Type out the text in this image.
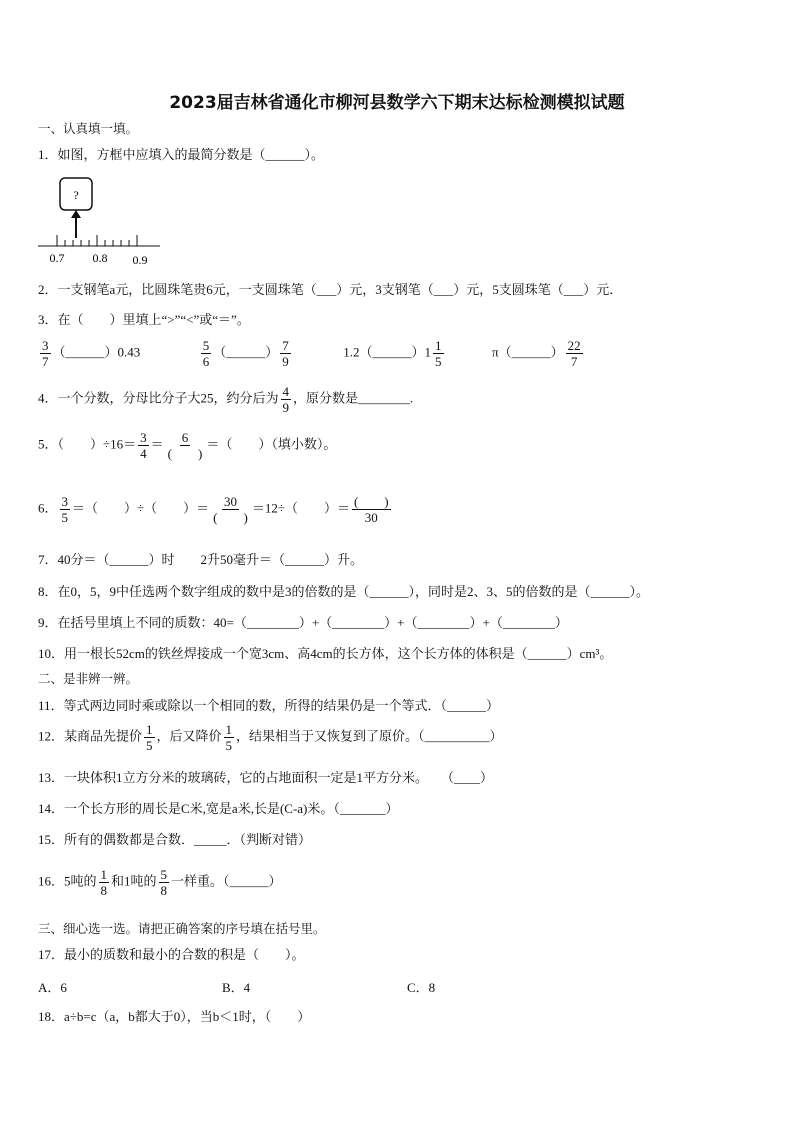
2023届吉林省通化市柳河县数学六下期末达标检测模拟试题
一、认真填一填。
1．如图，方框中应填入的最简分数是（______）。
?
0.7 0.8 0.9
2．一支钢笔a元，比圆珠笔贵6元，一支圆珠笔（___）元，3支钢笔（___）元，5支圆珠笔（___）元．
3．在（　　）里填上“>”“<”或“＝”。
$\frac{3}{7}$ （______）0.43	$\frac{5}{6}$ （______） $\frac{7}{9}$	1.2（______）1 $\frac{1}{5}$	π（______） $\frac{22}{7}$
4．一个分数，分母比分子大25，约分后为 $\frac{4}{9}$ ，原分数是________.
5．（　　）$\div 16= \frac{3}{4} = \frac{6}{( )}$ ＝（　　）（填小数）。
6． $\frac{3}{5}$ ＝（　　）÷（　　）＝ $\frac{30}{( )} =12\div$（　　）＝ $\frac{( )}{30}$
7．40分＝（______）时　　2升50毫升＝（______）升。
8．在0，5，9中任选两个数字组成的数中是3的倍数的是（______），同时是2、3、5的倍数的是（______）。
9．在括号里填上不同的质数：40=（________）+（________）+（________）+（________）
10．用一根长52cm的铁丝焊接成一个宽3cm、高4cm的长方体，这个长方体的体积是（______）cm³。
二、是非辨一辨。
11．等式两边同时乘或除以一个相同的数，所得的结果仍是一个等式．（______）
12．某商品先提价 $\frac{1}{5}$ ，后又降价 $\frac{1}{5}$ ，结果相当于又恢复到了原价。（__________）
13．一块体积1立方分米的玻璃砖，它的占地面积一定是1平方分米。　　（____）
14．一个长方形的周长是C米,宽是a米,长是(C-a)米。（_______）
15．所有的偶数都是合数．_____．（判断对错）
16．5吨的 $\frac{1}{8}$ 和1吨的 $\frac{5}{8}$ 一样重。（______）
三、细心选一选。请把正确答案的序号填在括号里。
17．最小的质数和最小的合数的积是（　　）。
A．6	B．4	C．8
18．a÷b=c（a，b都大于0），当b＜1时，（　　）
